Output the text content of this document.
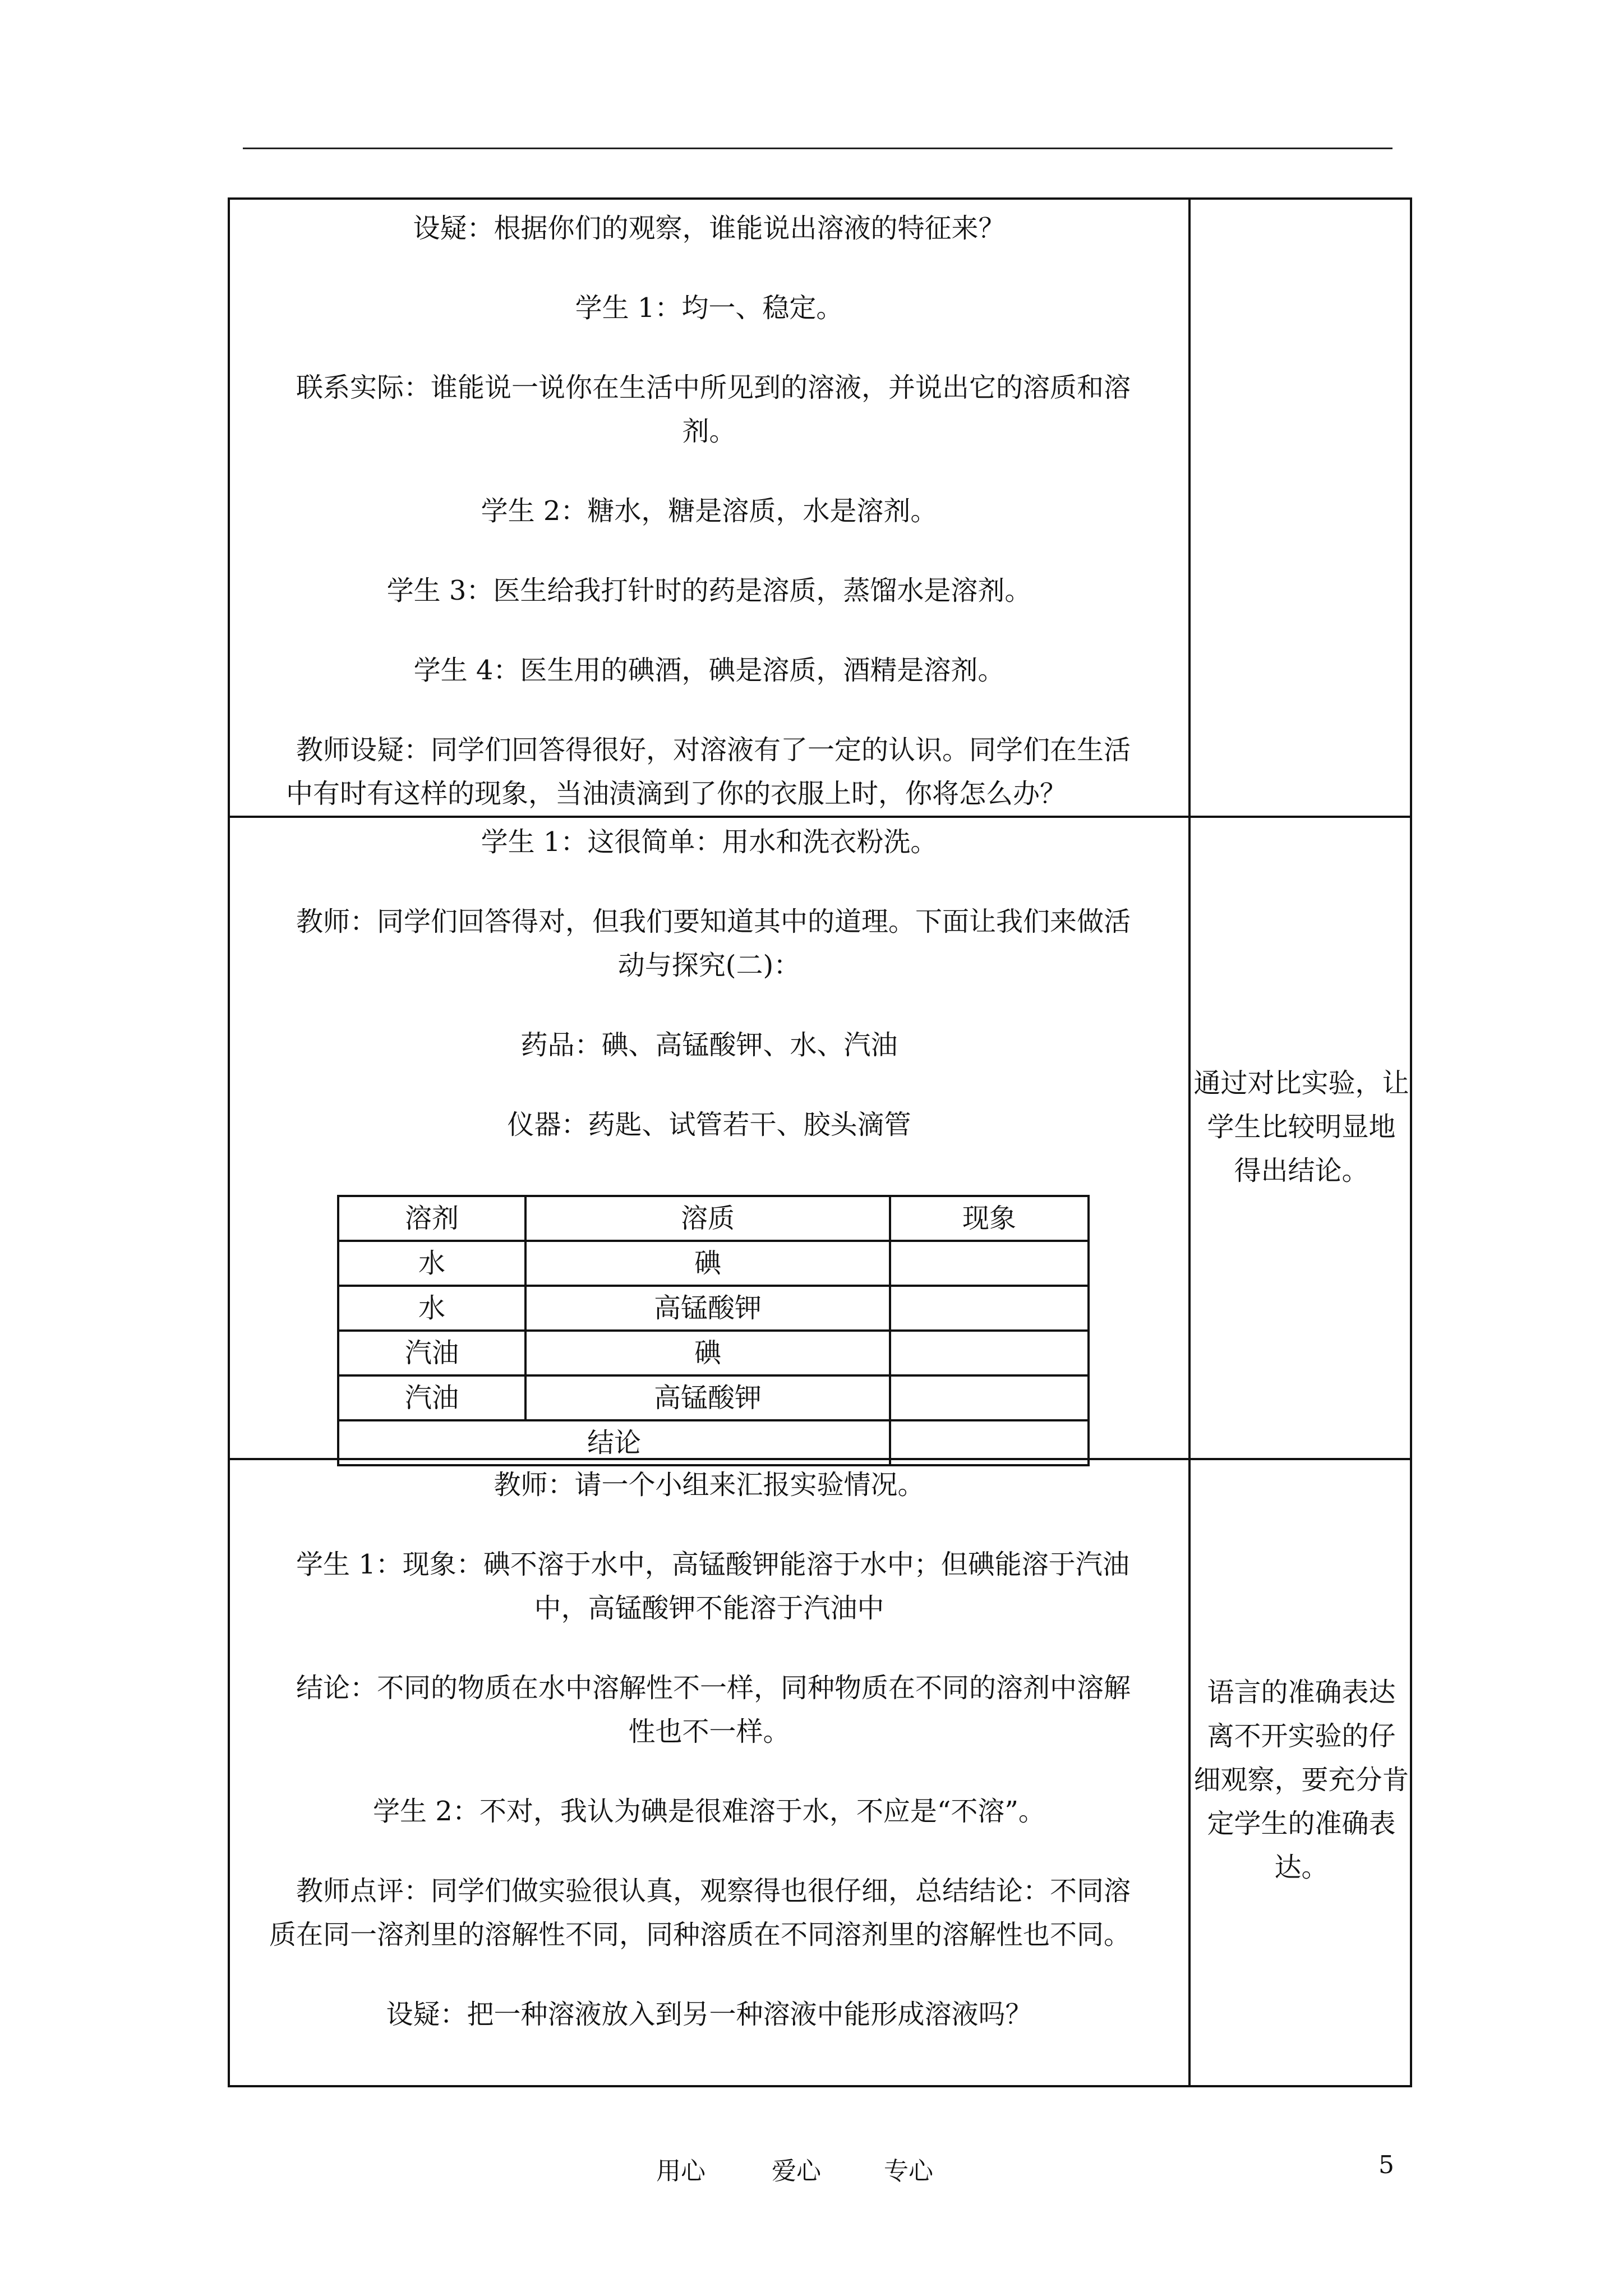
设疑：根据你们的观察，谁能说出溶液的特征来？
学生 1：均一、稳定。
联系实际：谁能说一说你在生活中所见到的溶液，并说出它的溶质和溶
剂。
学生 2：糖水，糖是溶质，水是溶剂。
学生 3：医生给我打针时的药是溶质，蒸馏水是溶剂。
学生 4：医生用的碘酒，碘是溶质，酒精是溶剂。
教师设疑：同学们回答得很好，对溶液有了一定的认识。同学们在生活
中有时有这样的现象，当油渍滴到了你的衣服上时，你将怎么办？
学生 1：这很简单：用水和洗衣粉洗。
教师：同学们回答得对，但我们要知道其中的道理。下面让我们来做活
动与探究(二)：
药品：碘、高锰酸钾、水、汽油
仪器：药匙、试管若干、胶头滴管
溶剂	溶质	现象
水	碘	
水	高锰酸钾	
汽油	碘	
汽油	高锰酸钾	
结论		
通过对比实验，让
学生比较明显地
得出结论。
教师：请一个小组来汇报实验情况。
学生 1：现象：碘不溶于水中，高锰酸钾能溶于水中；但碘能溶于汽油
中，高锰酸钾不能溶于汽油中
结论：不同的物质在水中溶解性不一样，同种物质在不同的溶剂中溶解
性也不一样。
学生 2：不对，我认为碘是很难溶于水，不应是“不溶”。
教师点评：同学们做实验很认真，观察得也很仔细，总结结论：不同溶
质在同一溶剂里的溶解性不同，同种溶质在不同溶剂里的溶解性也不同。
设疑：把一种溶液放入到另一种溶液中能形成溶液吗？
语言的准确表达
离不开实验的仔
细观察，要充分肯
定学生的准确表
达。
用心	爱心	专心	5
